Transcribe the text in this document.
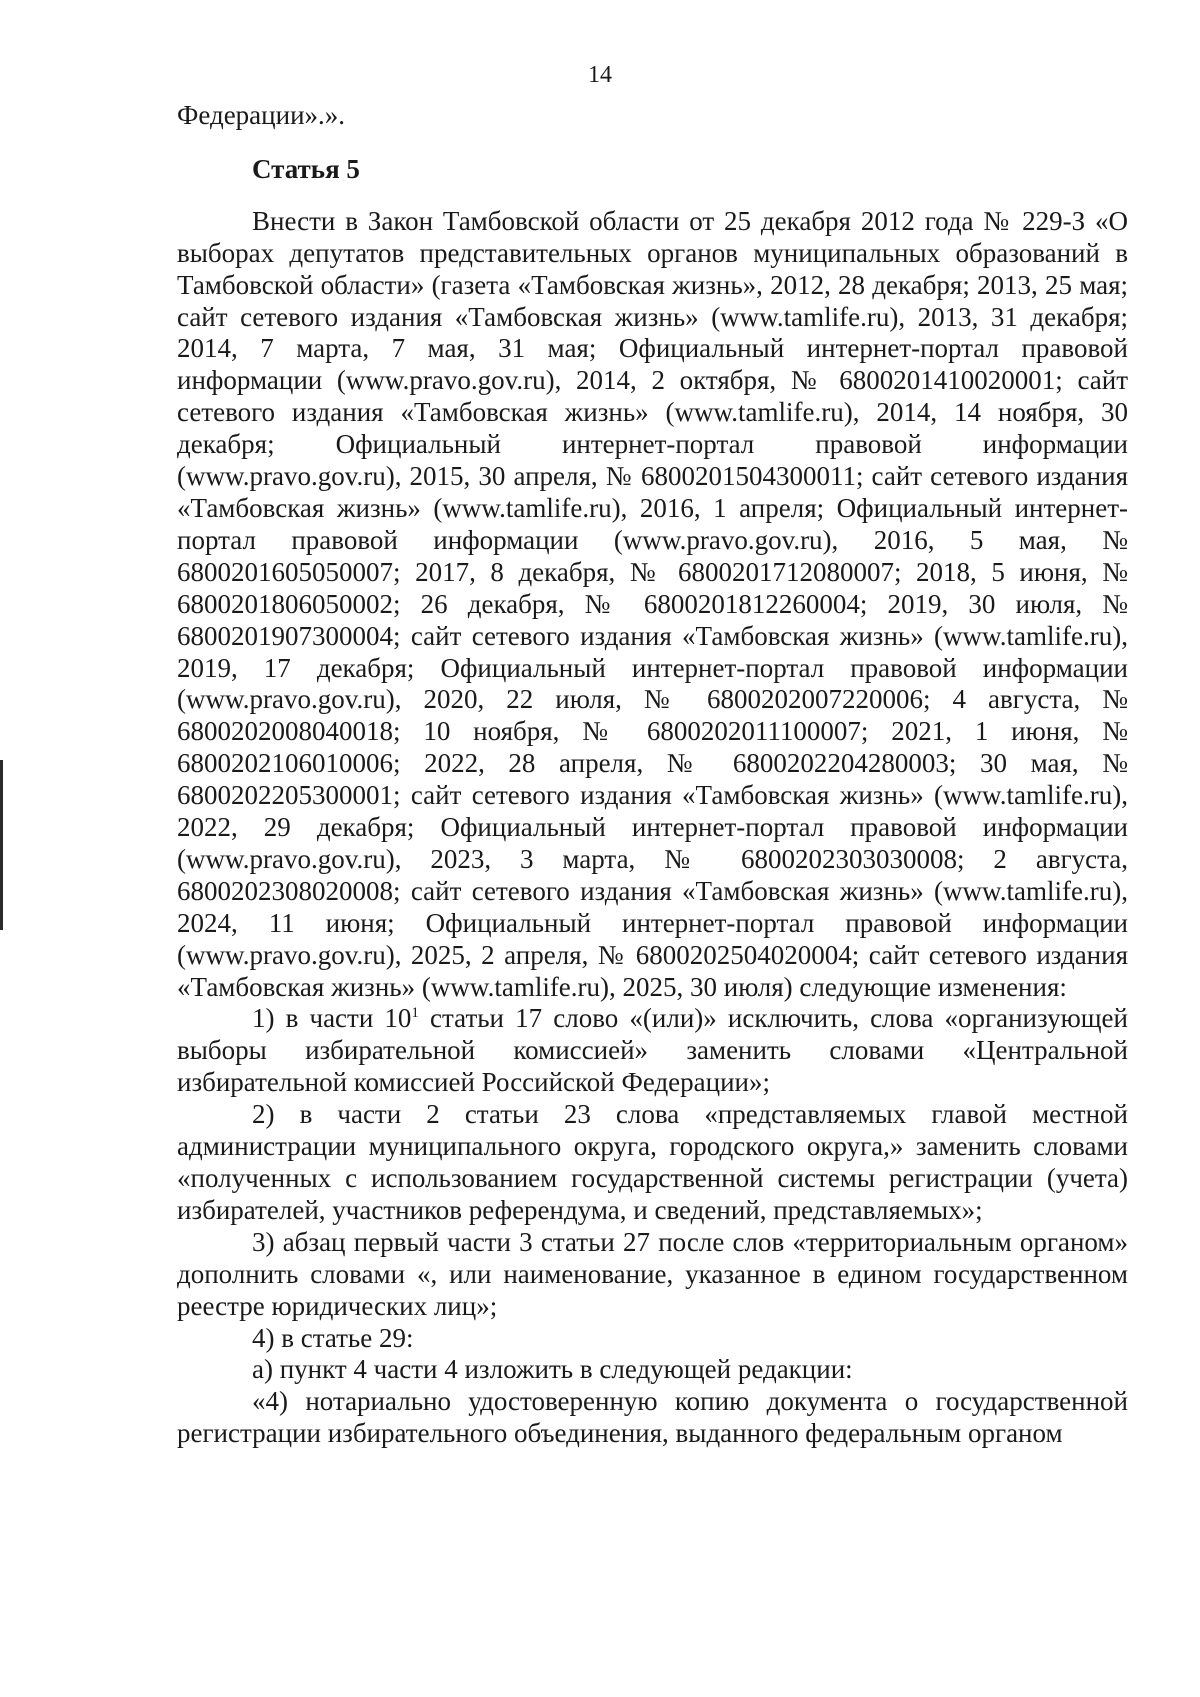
14

Федерации».».

Статья 5

Внести в Закон Тамбовской области от 25 декабря 2012 года № 229-З «О выборах депутатов представительных органов муниципальных образований в Тамбовской области» (газета «Тамбовская жизнь», 2012, 28 декабря; 2013, 25 мая; сайт сетевого издания «Тамбовская жизнь» (www.tamlife.ru), 2013, 31 декабря; 2014, 7 марта, 7 мая, 31 мая; Официальный интернет-портал правовой информации (www.pravo.gov.ru), 2014, 2 октября, № 6800201410020001; сайт сетевого издания «Тамбовская жизнь» (www.tamlife.ru), 2014, 14 ноября, 30 декабря; Официальный интернет-портал правовой информации (www.pravo.gov.ru), 2015, 30 апреля, № 6800201504300011; сайт сетевого издания «Тамбовская жизнь» (www.tamlife.ru), 2016, 1 апреля; Официальный интернет-портал правовой информации (www.pravo.gov.ru), 2016, 5 мая, № 6800201605050007; 2017, 8 декабря, № 6800201712080007; 2018, 5 июня, № 6800201806050002; 26 декабря, № 6800201812260004; 2019, 30 июля, № 6800201907300004; сайт сетевого издания «Тамбовская жизнь» (www.tamlife.ru), 2019, 17 декабря; Официальный интернет-портал правовой информации (www.pravo.gov.ru), 2020, 22 июля, № 6800202007220006; 4 августа, № 6800202008040018; 10 ноября, № 6800202011100007; 2021, 1 июня, № 6800202106010006; 2022, 28 апреля, № 6800202204280003; 30 мая, № 6800202205300001; сайт сетевого издания «Тамбовская жизнь» (www.tamlife.ru), 2022, 29 декабря; Официальный интернет-портал правовой информации (www.pravo.gov.ru), 2023, 3 марта, № 6800202303030008; 2 августа, 6800202308020008; сайт сетевого издания «Тамбовская жизнь» (www.tamlife.ru), 2024, 11 июня; Официальный интернет-портал правовой информации (www.pravo.gov.ru), 2025, 2 апреля, № 6800202504020004; сайт сетевого издания «Тамбовская жизнь» (www.tamlife.ru), 2025, 30 июля) следующие изменения:

1) в части $10^1$ статьи 17 слово «(или)» исключить, слова «организующей выборы избирательной комиссией» заменить словами «Центральной избирательной комиссией Российской Федерации»;

2) в части 2 статьи 23 слова «представляемых главой местной администрации муниципального округа, городского округа,» заменить словами «полученных с использованием государственной системы регистрации (учета) избирателей, участников референдума, и сведений, представляемых»;

3) абзац первый части 3 статьи 27 после слов «территориальным органом» дополнить словами «, или наименование, указанное в едином государственном реестре юридических лиц»;

4) в статье 29:

а) пункт 4 части 4 изложить в следующей редакции:

«4) нотариально удостоверенную копию документа о государственной регистрации избирательного объединения, выданного федеральным органом
